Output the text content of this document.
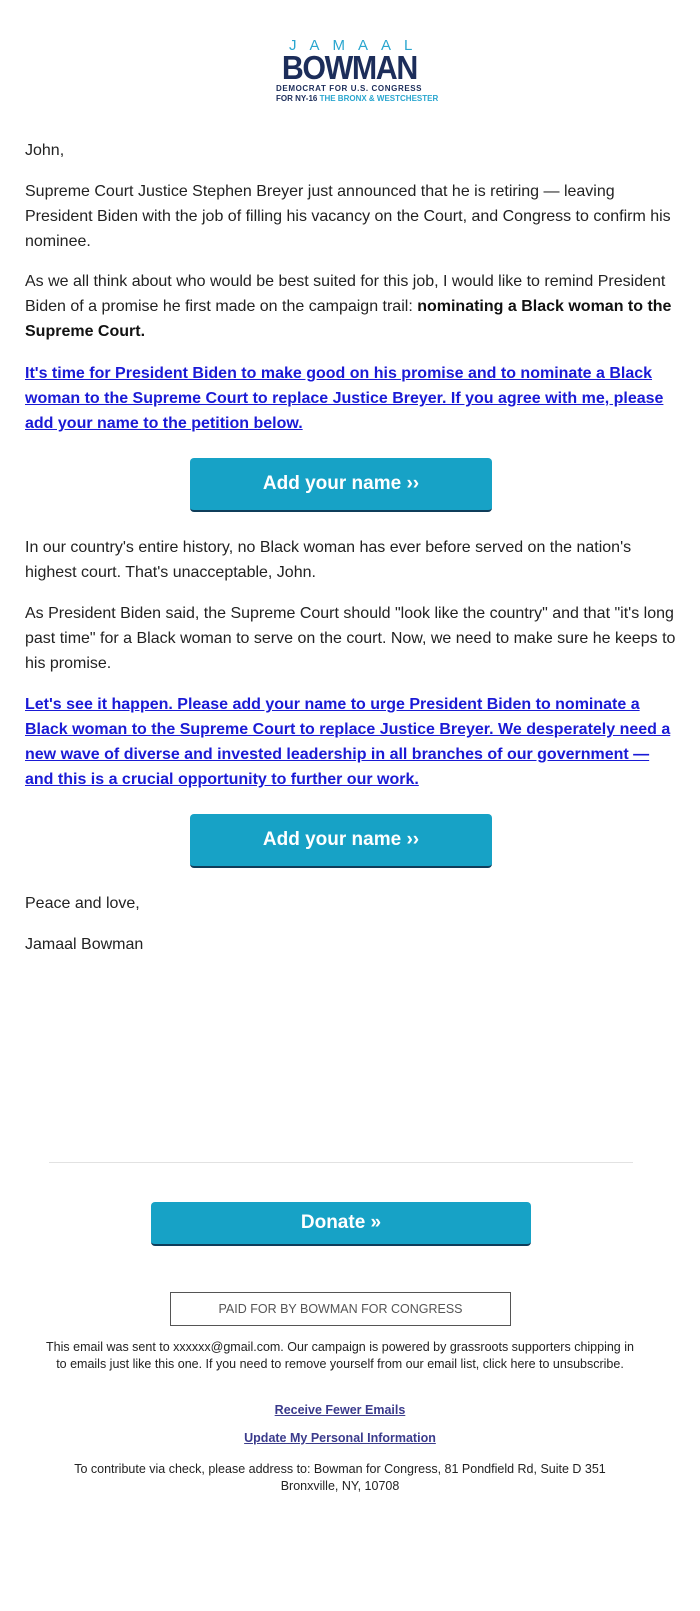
JAMAAL
BOWMAN
DEMOCRAT FOR U.S. CONGRESS
FOR NY-16 THE BRONX & WESTCHESTER

John,

Supreme Court Justice Stephen Breyer just announced that he is retiring — leaving President Biden with the job of filling his vacancy on the Court, and Congress to confirm his nominee.

As we all think about who would be best suited for this job, I would like to remind President Biden of a promise he first made on the campaign trail: nominating a Black woman to the Supreme Court.

It's time for President Biden to make good on his promise and to nominate a Black woman to the Supreme Court to replace Justice Breyer. If you agree with me, please add your name to the petition below.
Add your name ››

In our country's entire history, no Black woman has ever before served on the nation's highest court. That's unacceptable, John.

As President Biden said, the Supreme Court should "look like the country" and that "it's long past time" for a Black woman to serve on the court. Now, we need to make sure he keeps to his promise.

Let's see it happen. Please add your name to urge President Biden to nominate a Black woman to the Supreme Court to replace Justice Breyer. We desperately need a new wave of diverse and invested leadership in all branches of our government — and this is a crucial opportunity to further our work.
Add your name ››

Peace and love,

Jamaal Bowman

Donate »
PAID FOR BY BOWMAN FOR CONGRESS

This email was sent to xxxxxx@gmail.com. Our campaign is powered by grassroots supporters chipping in to emails just like this one. If you need to remove yourself from our email list, click here to unsubscribe.

Receive Fewer Emails
Update My Personal Information

To contribute via check, please address to: Bowman for Congress, 81 Pondfield Rd, Suite D 351 Bronxville, NY, 10708
